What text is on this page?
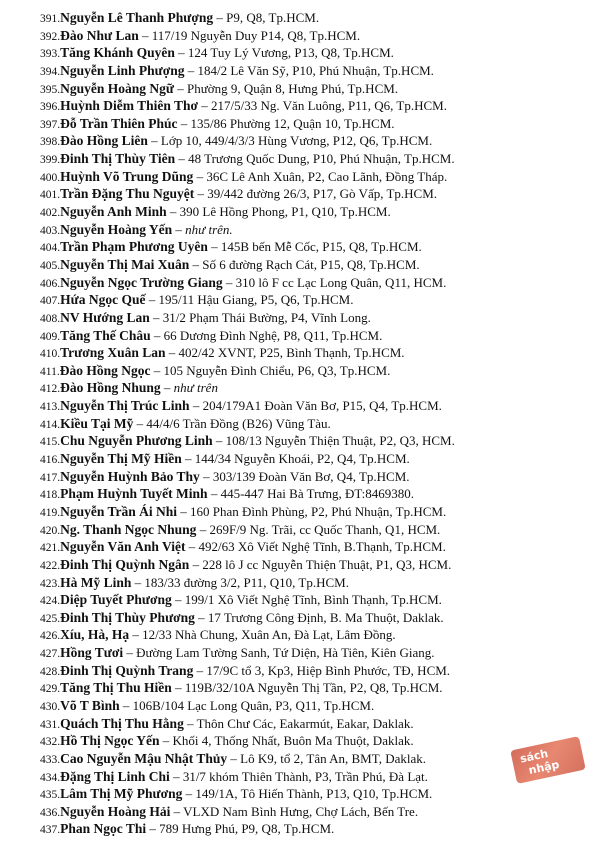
391.Nguyễn Lê Thanh Phượng – P9, Q8, Tp.HCM.
392.Đào Như Lan – 117/19 Nguyễn Duy P14, Q8, Tp.HCM.
393.Tăng Khánh Quyên – 124 Tuy Lý Vương, P13, Q8, Tp.HCM.
394.Nguyễn Linh Phượng – 184/2 Lê Văn Sỹ, P10, Phú Nhuận, Tp.HCM.
395.Nguyễn Hoàng Ngữ – Phường 9, Quận 8, Hưng Phú, Tp.HCM.
396.Huỳnh Diễm Thiên Thơ – 217/5/33 Ng. Văn Luông, P11, Q6, Tp.HCM.
397.Đỗ Trần Thiên Phúc – 135/86 Phường 12, Quận 10, Tp.HCM.
398.Đào Hồng Liên – Lớp 10, 449/4/3/3 Hùng Vương, P12, Q6, Tp.HCM.
399.Đinh Thị Thùy Tiên – 48 Trương Quốc Dung, P10, Phú Nhuận, Tp.HCM.
400.Huỳnh Võ Trung Dũng – 36C Lê Anh Xuân, P2, Cao Lãnh, Đồng Tháp.
401.Trần Đặng Thu Nguyệt – 39/442 đường 26/3, P17, Gò Vấp, Tp.HCM.
402.Nguyễn Anh Minh – 390 Lê Hồng Phong, P1, Q10, Tp.HCM.
403.Nguyễn Hoàng Yến – như trên.
404.Trần Phạm Phương Uyên – 145B bến Mễ Cốc, P15, Q8, Tp.HCM.
405.Nguyễn Thị Mai Xuân – Số 6 đường Rạch Cát, P15, Q8, Tp.HCM.
406.Nguyễn Ngọc Trường Giang – 310 lô F cc Lạc Long Quân, Q11, HCM.
407.Hứa Ngọc Quế – 195/11 Hậu Giang, P5, Q6, Tp.HCM.
408.NV Hướng Lan – 31/2 Phạm Thái Bường, P4, Vĩnh Long.
409.Tăng Thế Châu – 66 Dương Đình Nghệ, P8, Q11, Tp.HCM.
410.Trương Xuân Lan – 402/42 XVNT, P25, Bình Thạnh, Tp.HCM.
411.Đào Hồng Ngọc – 105 Nguyễn Đình Chiểu, P6, Q3, Tp.HCM.
412.Đào Hồng Nhung – như trên
413.Nguyễn Thị Trúc Linh – 204/179A1 Đoàn Văn Bơ, P15, Q4, Tp.HCM.
414.Kiều Tại Mỹ – 44/4/6 Trần Đồng (B26) Vũng Tàu.
415.Chu Nguyễn Phương Linh – 108/13 Nguyễn Thiện Thuật, P2, Q3, HCM.
416.Nguyễn Thị Mỹ Hiền – 144/34 Nguyễn Khoái, P2, Q4, Tp.HCM.
417.Nguyễn Huỳnh Bảo Thy – 303/139 Đoàn Văn Bơ, Q4, Tp.HCM.
418.Phạm Huỳnh Tuyết Minh – 445-447 Hai Bà Trưng, ĐT:8469380.
419.Nguyễn Trần Ái Nhi – 160 Phan Đình Phùng, P2, Phú Nhuận, Tp.HCM.
420.Ng. Thanh Ngọc Nhung – 269F/9 Ng. Trãi, cc Quốc Thanh, Q1, HCM.
421.Nguyễn Văn Anh Việt – 492/63 Xô Viết Nghệ Tĩnh, B.Thạnh, Tp.HCM.
422.Đinh Thị Quỳnh Ngân – 228 lô J cc Nguyễn Thiện Thuật, P1, Q3, HCM.
423.Hà Mỹ Linh – 183/33 đường 3/2, P11, Q10, Tp.HCM.
424.Diệp Tuyết Phương – 199/1 Xô Viết Nghệ Tĩnh, Bình Thạnh, Tp.HCM.
425.Đinh Thị Thùy Phương – 17 Trương Công Định, B. Ma Thuột, Daklak.
426.Xíu, Hà, Hạ – 12/33 Nhà Chung, Xuân An, Đà Lạt, Lâm Đồng.
427.Hồng Tươi – Đường Lam Tường Sanh, Tứ Diện, Hà Tiên, Kiên Giang.
428.Đinh Thị Quỳnh Trang – 17/9C tổ 3, Kp3, Hiệp Bình Phước, TĐ, HCM.
429.Tăng Thị Thu Hiền – 119B/32/10A Nguyễn Thị Tần, P2, Q8, Tp.HCM.
430.Võ T Bình – 106B/104 Lạc Long Quân, P3, Q11, Tp.HCM.
431.Quách Thị Thu Hằng – Thôn Chư Các, Eakarmút, Eakar, Daklak.
432.Hồ Thị Ngọc Yến – Khối 4, Thống Nhất, Buôn Ma Thuột, Daklak.
433.Cao Nguyễn Mậu Nhật Thủy – Lô K9, tổ 2, Tân An, BMT, Daklak.
434.Đặng Thị Linh Chi – 31/7 khóm Thiên Thành, P3, Trần Phú, Đà Lạt.
435.Lâm Thị Mỹ Phương – 149/1A, Tô Hiến Thành, P13, Q10, Tp.HCM.
436.Nguyễn Hoàng Hải – VLXD Nam Bình Hưng, Chợ Lách, Bến Tre.
437.Phan Ngọc Thi – 789 Hưng Phú, P9, Q8, Tp.HCM.
sách
nhập
